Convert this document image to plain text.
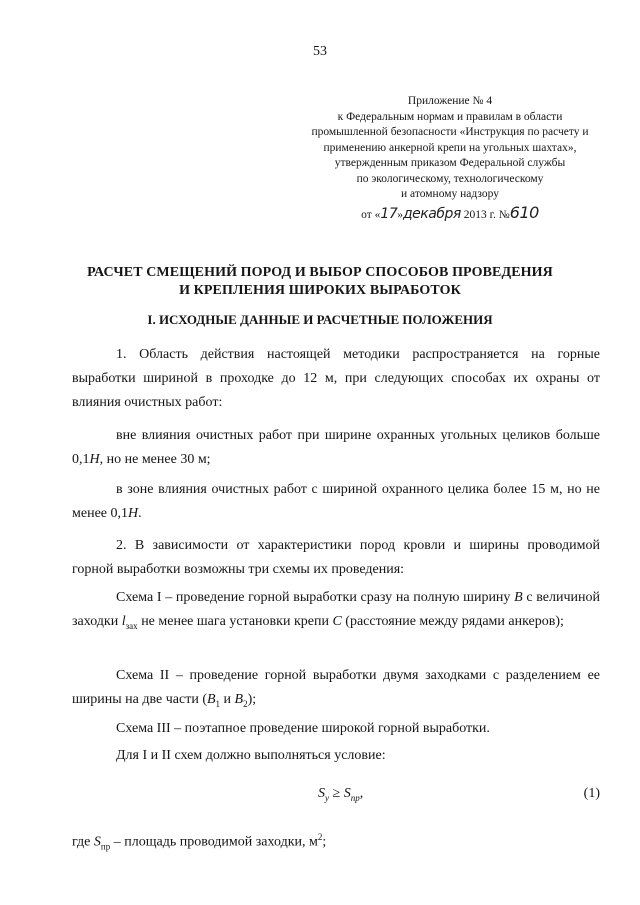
53
Приложение № 4
к Федеральным нормам и правилам в области
промышленной безопасности «Инструкция по расчету и
применению анкерной крепи на угольных шахтах»,
утвержденным приказом Федеральной службы
по экологическому, технологическому
и атомному надзору
от «17»декабря 2013 г. №610
РАСЧЕТ СМЕЩЕНИЙ ПОРОД И ВЫБОР СПОСОБОВ ПРОВЕДЕНИЯ
И КРЕПЛЕНИЯ ШИРОКИХ ВЫРАБОТОК
I. ИСХОДНЫЕ ДАННЫЕ И РАСЧЕТНЫЕ ПОЛОЖЕНИЯ
1. Область действия настоящей методики распространяется на горные выработки шириной в проходке до 12 м, при следующих способах их охраны от влияния очистных работ:
вне влияния очистных работ при ширине охранных угольных целиков больше 0,1H, но не менее 30 м;
в зоне влияния очистных работ с шириной охранного целика более 15 м, но не менее 0,1H.
2. В зависимости от характеристики пород кровли и ширины проводимой горной выработки возможны три схемы их проведения:
Схема I – проведение горной выработки сразу на полную ширину B с величиной заходки $l_{зах}$ не менее шага установки крепи C (расстояние между рядами анкеров);
Схема II – проведение горной выработки двумя заходками с разделением ее ширины на две части ($B_1$ и $B_2$);
Схема III – поэтапное проведение широкой горной выработки.
Для I и II схем должно выполняться условие:
$S_у \ge S_{пр}$,	(1)
где $S_{пр}$ – площадь проводимой заходки, $м^2$;
